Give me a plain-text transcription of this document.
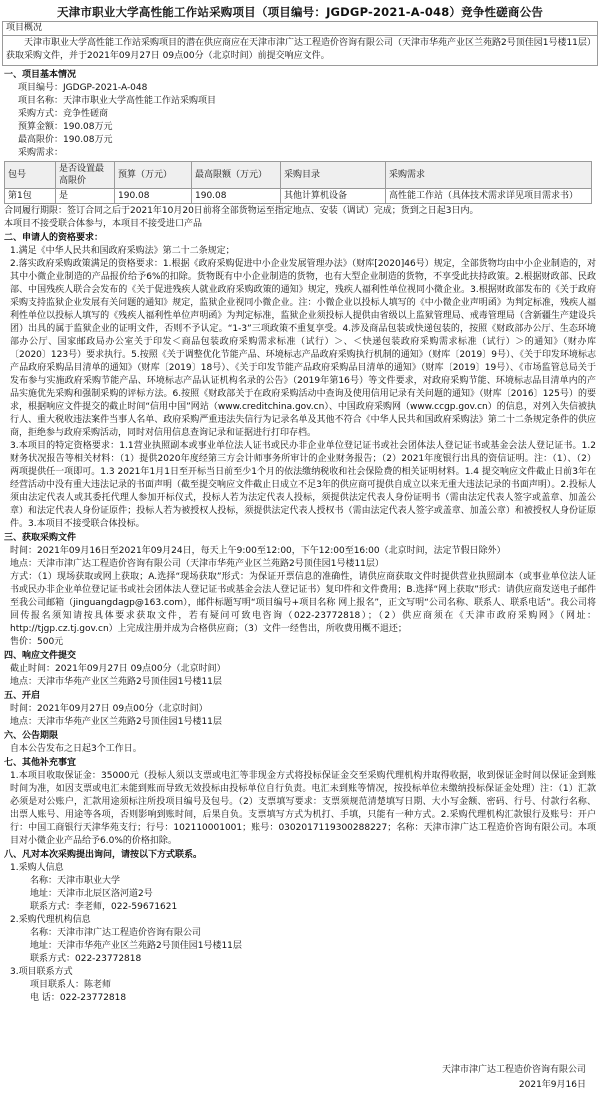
天津市职业大学高性能工作站采购项目（项目编号：JGDGP-2021-A-048）竞争性磋商公告
项目概况
天津市职业大学高性能工作站采购项目的潜在供应商应在天津市津广达工程造价咨询有限公司（天津市华苑产业区兰苑路2号顶佳园1号楼11层）获取采购文件，并于2021年09月27日 09点00分（北京时间）前提交响应文件。
一、项目基本情况
项目编号：JGDGP-2021-A-048
项目名称：天津市职业大学高性能工作站采购项目
采购方式：竞争性磋商
预算金额：190.08万元
最高限价：190.08万元
采购需求：
包号	是否设置最高限价	预算（万元）	最高限额（万元）	采购目录	采购需求
第1包	是	190.08	190.08	其他计算机设备	高性能工作站（具体技术需求详见项目需求书）
合同履行期限：签订合同之后于2021年10月20日前将全部货物运至指定地点、安装（调试）完成；货到之日起3日内。
本项目不接受联合体参与，本项目不接受进口产品
二、申请人的资格要求：
1.满足《中华人民共和国政府采购法》第二十二条规定；
2.落实政府采购政策满足的资格要求：1.根据《政府采购促进中小企业发展管理办法》（财库[2020]46号）规定，全部货物均由中小企业制造的，对其中小微企业制造的产品报价给予6%的扣除。货物既有中小企业制造的货物，也有大型企业制造的货物，不享受此扶持政策。2.根据财政部、民政部、中国残疾人联合会发布的《关于促进残疾人就业政府采购政策的通知》规定，残疾人福利性单位视同小微企业。3.根据财政部发布的《关于政府采购支持监狱企业发展有关问题的通知》规定，监狱企业视同小微企业。注：小微企业以投标人填写的《中小微企业声明函》为判定标准，残疾人福利性单位以投标人填写的《残疾人福利性单位声明函》为判定标准，监狱企业须投标人提供由省级以上监狱管理局、戒毒管理局（含新疆生产建设兵团）出具的属于监狱企业的证明文件，否则不予认定。“1-3”三项政策不重复享受。4.涉及商品包装或快递包装的，按照《财政部办公厅、生态环境部办公厅、国家邮政局办公室关于印发＜商品包装政府采购需求标准（试行）＞、＜快递包装政府采购需求标准（试行）＞的通知》（财办库〔2020〕123号）要求执行。5.按照《关于调整优化节能产品、环境标志产品政府采购执行机制的通知》（财库〔2019〕9号）、《关于印发环境标志产品政府采购品目清单的通知》（财库〔2019〕18号）、《关于印发节能产品政府采购品目清单的通知》（财库〔2019〕19号）、《市场监管总局关于发布参与实施政府采购节能产品、环境标志产品认证机构名录的公告》（2019年第16号）等文件要求，对政府采购节能、环境标志品目清单内的产品实施优先采购和强制采购的评标方法。6.按照《财政部关于在政府采购活动中查询及使用信用记录有关问题的通知》（财库〔2016〕125号）的要求，根据响应文件提交的截止时间“信用中国”网站（www.creditchina.gov.cn）、中国政府采购网（www.ccgp.gov.cn）的信息，对列入失信被执行人、重大税收违法案件当事人名单、政府采购严重违法失信行为记录名单及其他不符合《中华人民共和国政府采购法》第二十二条规定条件的供应商，拒绝参与政府采购活动，同时对信用信息查询记录和证据进行打印存档。
3.本项目的特定资格要求：1.1营业执照副本或事业单位法人证书或民办非企业单位登记证书或社会团体法人登记证书或基金会法人登记证书。1.2 财务状况报告等相关材料：（1）提供2020年度经第三方会计师事务所审计的企业财务报告；（2）2021年度银行出具的资信证明。注：（1）、（2）两项提供任一项即可。1.3 2021年1月1日至开标当日前至少1个月的依法缴纳税收和社会保险费的相关证明材料。1.4 提交响应文件截止日前3年在经营活动中没有重大违法记录的书面声明（截至提交响应文件截止日成立不足3年的供应商可提供自成立以来无重大违法记录的书面声明）。2.投标人须由法定代表人或其委托代理人参加开标仪式，投标人若为法定代表人投标，须提供法定代表人身份证明书（需由法定代表人签字或盖章、加盖公章）和法定代表人身份证原件；投标人若为被授权人投标，须提供法定代表人授权书（需由法定代表人签字或盖章、加盖公章）和被授权人身份证原件。3.本项目不接受联合体投标。
三、获取采购文件
时间：2021年09月16日至2021年09月24日，每天上午9:00至12:00，下午12:00至16:00（北京时间，法定节假日除外）
地点：天津市津广达工程造价咨询有限公司（天津市华苑产业区兰苑路2号顶佳园1号楼11层）
方式：（1）现场获取或网上获取；A.选择“现场获取”形式：为保证开票信息的准确性，请供应商获取文件时提供营业执照副本（或事业单位法人证书或民办非企业单位登记证书或社会团体法人登记证书或基金会法人登记证书）复印件和文件费用；B.选择“网上获取”形式：请供应商发送电子邮件至我公司邮箱（jinguangdagp@163.com），邮件标题写明“项目编号+项目名称 网上报名”，正文写明“公司名称、联系人、联系电话”。我公司将回传报名须知请按具体要求获取文件，若有疑问可致电咨询（022-23772818）；（2）供应商须在《天津市政府采购网》（网址：http://tjgp.cz.tj.gov.cn）上完成注册并成为合格供应商；（3）文件一经售出，所收费用概不退还；
售价：500元
四、响应文件提交
截止时间：2021年09月27日 09点00分（北京时间）
地点：天津市华苑产业区兰苑路2号顶佳园1号楼11层
五、开启
时间：2021年09月27日 09点00分（北京时间）
地点：天津市华苑产业区兰苑路2号顶佳园1号楼11层
六、公告期限
自本公告发布之日起3个工作日。
七、其他补充事宜
1.本项目收取保证金：35000元（投标人须以支票或电汇等非现金方式将投标保证金交至采购代理机构并取得收据，收到保证金时间以保证金到账时间为准，如因支票或电汇未能到账而导致无效投标由投标单位自行负责。电汇未到账等情况，按投标单位未缴纳投标保证金处理）注：（1）汇款必须是对公账户，汇款用途须标注所投项目编号及包号。（2）支票填写要求：支票须规范清楚填写日期、大小写金额、密码、行号、付款行名称、出票人账号、用途等各项，否则影响到账时间，后果自负。支票填写方式为机打、手填，只能有一种方式。2.采购代理机构汇款银行及账号：开户行：中国工商银行天津华苑支行；行号：102110001001；账号：0302017119300288227；名称：天津市津广达工程造价咨询有限公司。本项目对小微企业产品给予6.0%的价格扣除。
八、凡对本次采购提出询问，请按以下方式联系。
1.采购人信息
名称：天津市职业大学
地址：天津市北辰区洛河道2号
联系方式：李老师，022-59671621
2.采购代理机构信息
名称：天津市津广达工程造价咨询有限公司
地址：天津市华苑产业区兰苑路2号顶佳园1号楼11层
联系方式：022-23772818
3.项目联系方式
项目联系人：陈老师
电 话：022-23772818
天津市津广达工程造价咨询有限公司
2021年9月16日
